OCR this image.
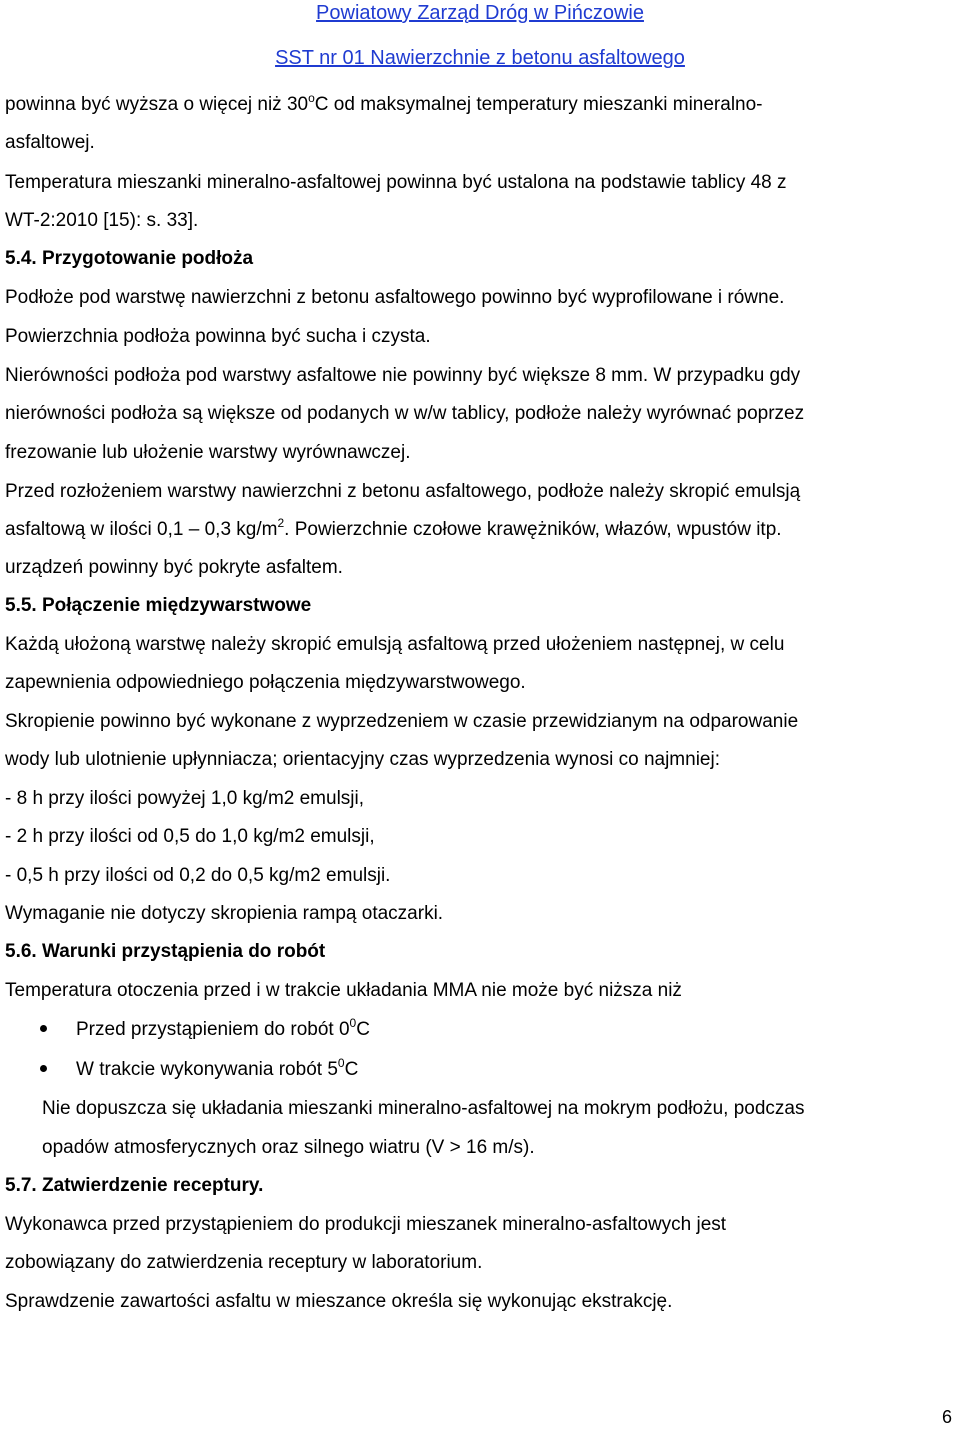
Powiatowy Zarząd Dróg w Pińczowie
SST nr 01 Nawierzchnie z betonu asfaltowego
powinna być wyższa o więcej niż 30$^o$C od maksymalnej temperatury mieszanki mineralno-
asfaltowej.
Temperatura mieszanki mineralno-asfaltowej powinna być ustalona na podstawie tablicy 48 z
WT-2:2010 [15): s. 33].
5.4. Przygotowanie podłoża
Podłoże pod warstwę nawierzchni z betonu asfaltowego powinno być wyprofilowane i równe.
Powierzchnia podłoża powinna być sucha i czysta.
Nierówności podłoża pod warstwy asfaltowe nie powinny być większe 8 mm. W przypadku gdy
nierówności podłoża są większe od podanych w w/w tablicy, podłoże należy wyrównać poprzez
frezowanie lub ułożenie warstwy wyrównawczej.
Przed rozłożeniem warstwy nawierzchni z betonu asfaltowego, podłoże należy skropić emulsją
asfaltową w ilości 0,1 – 0,3 $kg/m^2$. Powierzchnie czołowe krawężników, włazów, wpustów itp.
urządzeń powinny być pokryte asfaltem.
5.5. Połączenie międzywarstwowe
Każdą ułożoną warstwę należy skropić emulsją asfaltową przed ułożeniem następnej, w celu
zapewnienia odpowiedniego połączenia międzywarstwowego.
Skropienie powinno być wykonane z wyprzedzeniem w czasie przewidzianym na odparowanie
wody lub ulotnienie upłynniacza; orientacyjny czas wyprzedzenia wynosi co najmniej:
- 8 h przy ilości powyżej 1,0 kg/m2 emulsji,
- 2 h przy ilości od 0,5 do 1,0 kg/m2 emulsji,
- 0,5 h przy ilości od 0,2 do 0,5 kg/m2 emulsji.
Wymaganie nie dotyczy skropienia rampą otaczarki.
5.6. Warunki przystąpienia do robót
Temperatura otoczenia przed i w trakcie układania MMA nie może być niższa niż
Przed przystąpieniem do robót $0^0C$
W trakcie wykonywania robót $5^0C$
Nie dopuszcza się układania mieszanki mineralno-asfaltowej na mokrym podłożu, podczas
opadów atmosferycznych oraz silnego wiatru (V > 16 m/s).
5.7. Zatwierdzenie receptury.
Wykonawca przed przystąpieniem do produkcji mieszanek mineralno-asfaltowych jest
zobowiązany do zatwierdzenia receptury w laboratorium.
Sprawdzenie zawartości asfaltu w mieszance określa się wykonując ekstrakcję.
6
